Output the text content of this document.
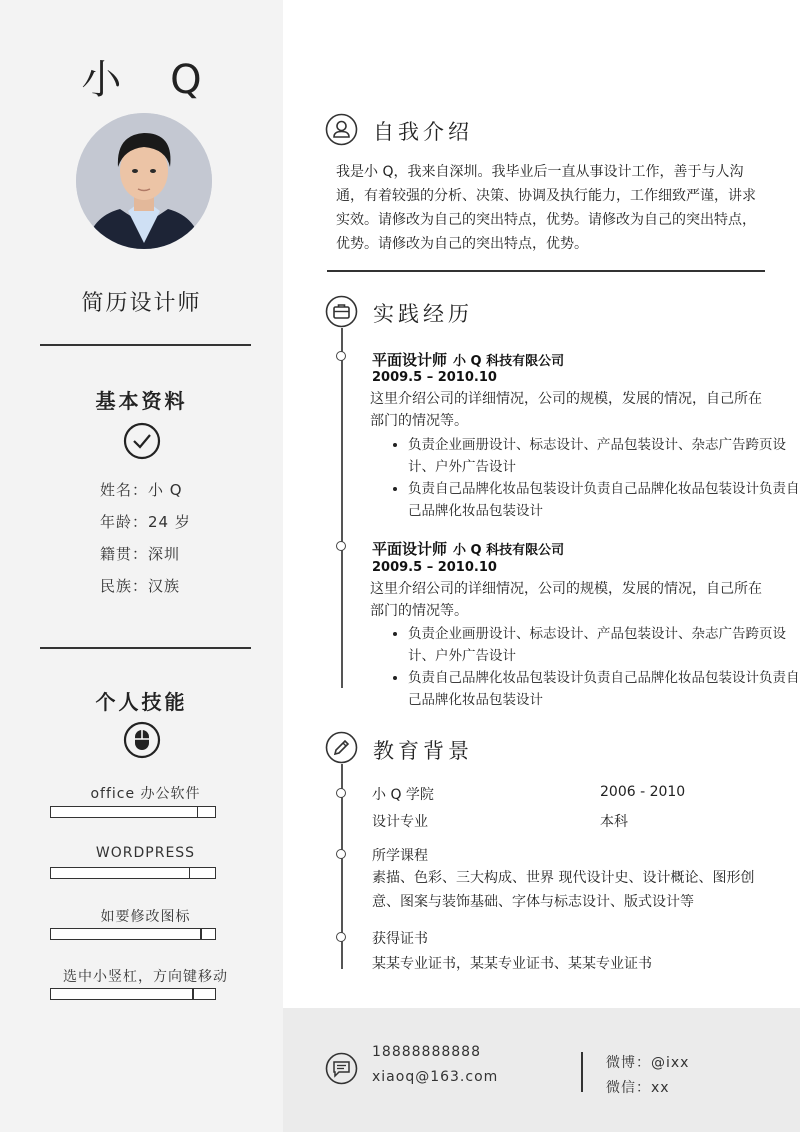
小 Q
简历设计师
基本资料
姓名：小 Q
年龄：24 岁
籍贯：深圳
民族：汉族
个人技能
office 办公软件
WORDPRESS
如要修改图标
选中小竖杠，方向键移动
自我介绍

我是小 Q，我来自深圳。我毕业后一直从事设计工作，善于与人沟通，有着较强的分析、决策、协调及执行能力，工作细致严谨，讲求实效。请修改为自己的突出特点，优势。请修改为自己的突出特点，优势。请修改为自己的突出特点，优势。

实践经历
平面设计师 小 Q 科技有限公司
2009.5 – 2010.10

这里介绍公司的详细情况，公司的规模，发展的情况，自己所在部门的情况等。

• 负责企业画册设计、标志设计、产品包装设计、杂志广告跨页设计、户外广告设计
• 负责自己品牌化妆品包装设计负责自己品牌化妆品包装设计负责自己品牌化妆品包装设计
平面设计师 小 Q 科技有限公司
2009.5 – 2010.10

这里介绍公司的详细情况，公司的规模，发展的情况，自己所在部门的情况等。

• 负责企业画册设计、标志设计、产品包装设计、杂志广告跨页设计、户外广告设计
• 负责自己品牌化妆品包装设计负责自己品牌化妆品包装设计负责自己品牌化妆品包装设计
教育背景
小 Q 学院	2006 - 2010
设计专业	本科
所学课程

素描、色彩、三大构成、世界 现代设计史、设计概论、图形创意、图案与装饰基础、字体与标志设计、版式设计等

获得证书
某某专业证书，某某专业证书、某某专业证书
18888888888
xiaoq@163.com
微博：@ixx
微信：xx
